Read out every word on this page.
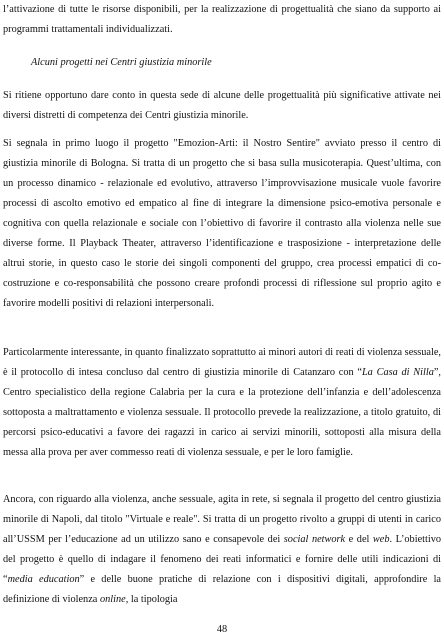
l’attivazione di tutte le risorse disponibili, per la realizzazione di progettualità che siano da supporto ai programmi trattamentali individualizzati.

Alcuni progetti nei Centri giustizia minorile

Si ritiene opportuno dare conto in questa sede di alcune delle progettualità più significative attivate nei diversi distretti di competenza dei Centri giustizia minorile.

Si segnala in primo luogo il progetto "Emozion-Arti: il Nostro Sentire" avviato presso il centro di giustizia minorile di Bologna. Si tratta di un progetto che si basa sulla musicoterapia. Quest’ultima, con un processo dinamico - relazionale ed evolutivo, attraverso l’improvvisazione musicale vuole favorire processi di ascolto emotivo ed empatico al fine di integrare la dimensione psico-emotiva personale e cognitiva con quella relazionale e sociale con l’obiettivo di favorire il contrasto alla violenza nelle sue diverse forme. Il Playback Theater, attraverso l’identificazione e trasposizione - interpretazione delle altrui storie, in questo caso le storie dei singoli componenti del gruppo, crea processi empatici di co-costruzione e co-responsabilità che possono creare profondi processi di riflessione sul proprio agito e favorire modelli positivi di relazioni interpersonali.

Particolarmente interessante, in quanto finalizzato soprattutto ai minori autori di reati di violenza sessuale, è il protocollo di intesa concluso dal centro di giustizia minorile di Catanzaro con “La Casa di Nilla”, Centro specialistico della regione Calabria per la cura e la protezione dell’infanzia e dell’adolescenza sottoposta a maltrattamento e violenza sessuale. Il protocollo prevede la realizzazione, a titolo gratuito, di percorsi psico-educativi a favore dei ragazzi in carico ai servizi minorili, sottoposti alla misura della messa alla prova per aver commesso reati di violenza sessuale, e per le loro famiglie.

Ancora, con riguardo alla violenza, anche sessuale, agita in rete, si segnala il progetto del centro giustizia minorile di Napoli, dal titolo "Virtuale e reale". Si tratta di un progetto rivolto a gruppi di utenti in carico all’USSM per l’educazione ad un utilizzo sano e consapevole dei social network e del web. L’obiettivo del progetto è quello di indagare il fenomeno dei reati informatici e fornire delle utili indicazioni di “media education” e delle buone pratiche di relazione con i dispositivi digitali, approfondire la definizione di violenza online, la tipologia

48
